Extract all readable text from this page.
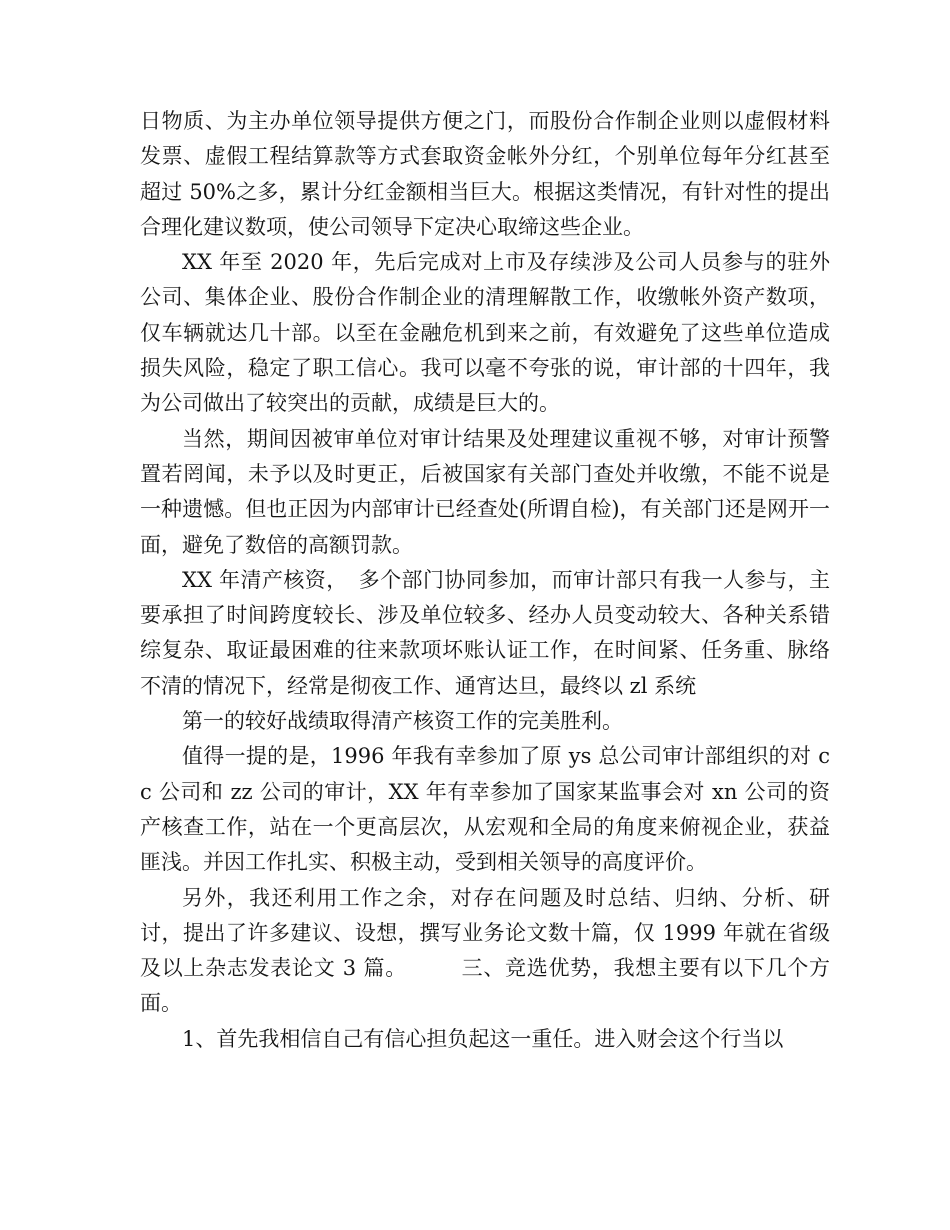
日物质、为主办单位领导提供方便之门，而股份合作制企业则以虚假材料发票、虚假工程结算款等方式套取资金帐外分红，个别单位每年分红甚至超过 50%之多，累计分红金额相当巨大。根据这类情况，有针对性的提出合理化建议数项，使公司领导下定决心取缔这些企业。

XX 年至 2020 年，先后完成对上市及存续涉及公司人员参与的驻外公司、集体企业、股份合作制企业的清理解散工作，收缴帐外资产数项，仅车辆就达几十部。以至在金融危机到来之前，有效避免了这些单位造成损失风险，稳定了职工信心。我可以毫不夸张的说，审计部的十四年，我为公司做出了较突出的贡献，成绩是巨大的。

当然，期间因被审单位对审计结果及处理建议重视不够，对审计预警置若罔闻，未予以及时更正，后被国家有关部门查处并收缴，不能不说是一种遗憾。但也正因为内部审计已经查处(所谓自检)，有关部门还是网开一面，避免了数倍的高额罚款。

XX 年清产核资，　多个部门协同参加，而审计部只有我一人参与，主要承担了时间跨度较长、涉及单位较多、经办人员变动较大、各种关系错综复杂、取证最困难的往来款项坏账认证工作，在时间紧、任务重、脉络不清的情况下，经常是彻夜工作、通宵达旦，最终以 zl 系统

第一的较好战绩取得清产核资工作的完美胜利。

值得一提的是，1996 年我有幸参加了原 ys 总公司审计部组织的对 cc 公司和 zz 公司的审计，XX 年有幸参加了国家某监事会对 xn 公司的资产核查工作，站在一个更高层次，从宏观和全局的角度来俯视企业，获益匪浅。并因工作扎实、积极主动，受到相关领导的高度评价。

另外，我还利用工作之余，对存在问题及时总结、归纳、分析、研讨，提出了许多建议、设想，撰写业务论文数十篇，仅 1999 年就在省级及以上杂志发表论文 3 篇。　　　三、竞选优势，我想主要有以下几个方面。

1、首先我相信自己有信心担负起这一重任。进入财会这个行当以
